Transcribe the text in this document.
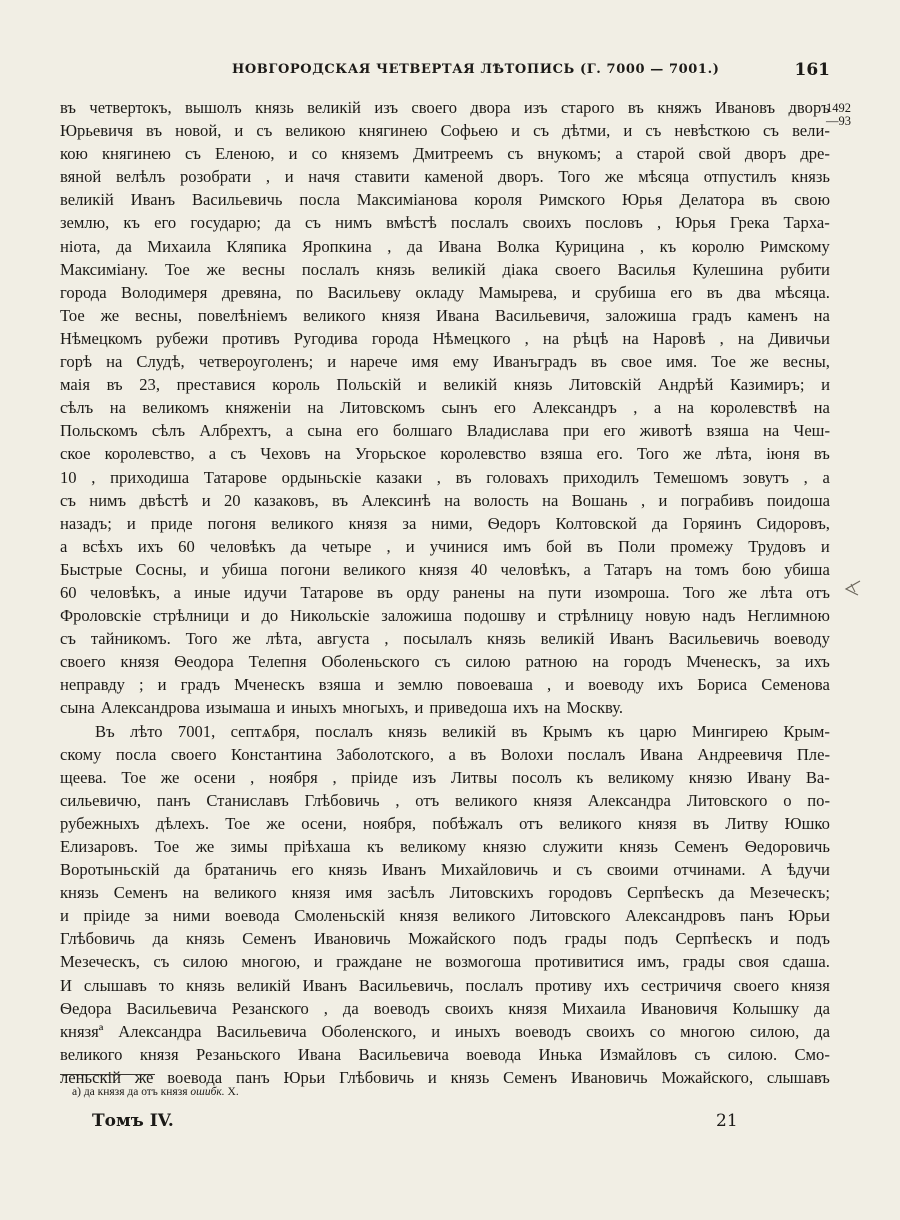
НОВГОРОДСКАЯ ЧЕТВЕРТАЯ ЛѢТОПИСЬ (Г. 7000 — 7001.)	161
1492
—93
въ четвертокъ, вышолъ князь великій изъ своего двора изъ старого въ княжъ Ивановъ дворъ
Юрьевичя въ новой, и съ великою княгинею Софьею и съ дѣтми, и съ невѣсткою съ вели-
кою княгинею съ Еленою, и со княземъ Дмитреемъ съ внукомъ; а старой свой дворъ дре-
вяной велѣлъ розобрати , и начя ставити каменой дворъ. Того же мѣсяца отпустилъ князь
великій Иванъ Васильевичь посла Максиміанова короля Римского Юрья Делатора въ свою
землю, къ его государю; да съ нимъ вмѣстѣ послалъ своихъ пословъ , Юрья Грека Тарха-
ніота, да Михаила Кляпика Яропкина , да Ивана Волка Курицина , къ королю Римскому
Максиміану. Тое же весны послалъ князь великій діака своего Василья Кулешина рубити
города Володимеря древяна, по Васильеву окладу Мамырева, и срубиша его въ два мѣсяца.
Тое же весны, повелѣніемъ великого князя Ивана Васильевичя, заложиша градъ каменъ на
Нѣмецкомъ рубежи противъ Ругодива города Нѣмецкого , на рѣцѣ на Наровѣ , на Дивичьи
горѣ на Слудѣ, четвероуголенъ; и нарече имя ему Иванъградъ въ свое имя. Тое же весны,
маія въ 23, преставися король Польскій и великій князь Литовскій Андрѣй Казимиръ; и
сѣлъ на великомъ княженіи на Литовскомъ сынъ его Александръ , а на королевствѣ на
Польскомъ сѣлъ Албрехтъ, а сына его болшаго Владислава при его животѣ взяша на Чеш-
ское королевство, а съ Чеховъ на Угорьское королевство взяша его. Того же лѣта, іюня въ
10 , приходиша Татарове ордыньскіе казаки , въ головахъ приходилъ Темешомъ зовутъ , а
съ нимъ двѣстѣ и 20 казаковъ, въ Алексинѣ на волость на Вошань , и пограбивъ поидоша
назадъ; и приде погоня великого князя за ними, Ѳедоръ Колтовской да Горяинъ Сидоровъ,
а всѣхъ ихъ 60 человѣкъ да четыре , и учинися имъ бой въ Поли промежу Трудовъ и
Быстрые Сосны, и убиша погони великого князя 40 человѣкъ, а Татаръ на томъ бою убиша
60 человѣкъ, а иные идучи Татарове въ орду ранены на пути изомроша. Того же лѣта отъ
Фроловскіе стрѣлници и до Никольскіе заложиша подошву и стрѣлницу новую надъ Неглимною
съ тайникомъ. Того же лѣта, августа , посылалъ князь великій Иванъ Васильевичь воеводу
своего князя Ѳеодора Телепня Оболеньского съ силою ратною на городъ Мченескъ, за ихъ
неправду ; и градъ Мченескъ взяша и землю повоеваша , и воеводу ихъ Бориса Семенова
сына Александрова изымаша и иныхъ многыхъ, и приведоша ихъ на Москву.
Въ лѣто 7001, септѧбря, послалъ князь великій въ Крымъ къ царю Мингирею Крым-
скому посла своего Константина Заболотского, а въ Волохи послалъ Ивана Андреевичя Пле-
щеева. Тое же осени , ноября , пріиде изъ Литвы посолъ къ великому князю Ивану Ва-
сильевичю, панъ Станиславъ Глѣбовичь , отъ великого князя Александра Литовского о по-
рубежныхъ дѣлехъ. Тое же осени, ноября, побѣжалъ отъ великого князя въ Литву Юшко
Елизаровъ. Тое же зимы пріѣхаша къ великому князю служити князь Семенъ Ѳедоровичь
Воротыньскій да братаничь его князь Иванъ Михайловичь и съ своими отчинами. А ѣдучи
князь Семенъ на великого князя имя засѣлъ Литовскихъ городовъ Серпѣескъ да Мезеческъ;
и пріиде за ними воевода Смоленьскій князя великого Литовского Александровъ панъ Юрьи
Глѣбовичь да князь Семенъ Ивановичь Можайского подъ грады подъ Серпѣескъ и подъ
Мезеческъ, съ силою многою, и граждане не возмогоша противитися имъ, грады своя сдаша.
И слышавъ то князь великій Иванъ Васильевичь, послалъ противу ихъ сестричичя своего князя
Ѳедора Васильевича Резанского , да воеводъ своихъ князя Михаила Ивановичя Колышку да
князяª Александра Васильевича Оболенского, и иныхъ воеводъ своихъ со многою силою, да
великого князя Резаньского Ивана Васильевича воевода Инька Измайловъ съ силою. Смо-
леньскій же воевода панъ Юрьи Глѣбовичь и князь Семенъ Ивановичь Можайского, слышавъ
а) да князя да отъ князя ошибк. Х.
Томъ IV.	21
